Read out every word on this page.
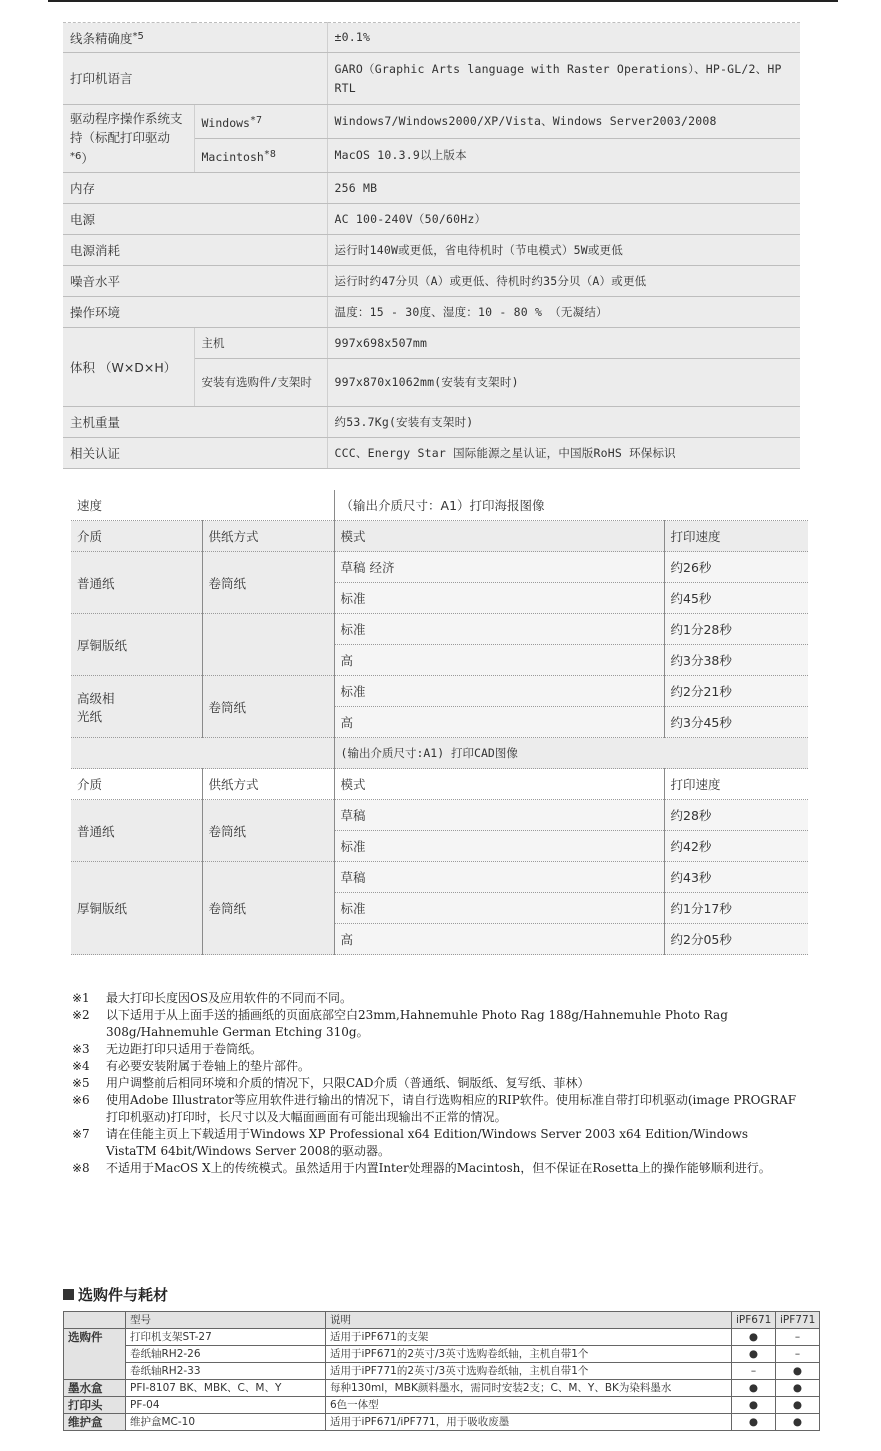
线条精确度$^{*5}$		±0.1%
打印机语言		GARO（Graphic Arts language with Raster Operations）、HP-GL/2、HP RTL
驱动程序操作系统支持（标配打印驱动$^{*6}$）	Windows$^{*7}$	Windows7/Windows2000/XP/Vista、Windows Server2003/2008
	Macintosh$^{*8}$	MacOS 10.3.9以上版本
内存		256 MB
电源		AC 100-240V（50/60Hz）
电源消耗		运行时140W或更低，省电待机时（节电模式）5W或更低
噪音水平		运行时约47分贝（A）或更低、待机时约35分贝（A）或更低
操作环境		温度：15 - 30度、湿度：10 - 80 % （无凝结）
体积 （W×D×H）	主机	997x698x507mm
	安装有选购件/支架时	997x870x1062mm(安装有支架时)
主机重量		约53.7Kg(安装有支架时)
相关认证		CCC、Energy Star 国际能源之星认证，中国版RoHS 环保标识
速度		（输出介质尺寸：A1）打印海报图像	
介质	供纸方式	模式	打印速度
普通纸	卷筒纸	草稿 经济	约26秒
		标准	约45秒
厚铜版纸		标准	约1分28秒
		高	约3分38秒

高级相光纸	卷筒纸	标准	约2分21秒
		高	约3分45秒
		(输出介质尺寸:A1) 打印CAD图像	
介质	供纸方式	模式	打印速度
普通纸	卷筒纸	草稿	约28秒
		标准	约42秒
厚铜版纸	卷筒纸	草稿	约43秒
		标准	约1分17秒
		高	约2分05秒
※1 最大打印长度因OS及应用软件的不同而不同。
※2 以下适用于从上面手送的插画纸的页面底部空白23mm,Hahnemuhle Photo Rag 188g/Hahnemuhle Photo Rag 308g/Hahnemuhle German Etching 310g。
※3 无边距打印只适用于卷筒纸。
※4 有必要安装附属于卷轴上的垫片部件。
※5 用户调整前后相同环境和介质的情况下，只限CAD介质（普通纸、铜版纸、复写纸、菲林）
※6 使用Adobe Illustrator等应用软件进行输出的情况下，请自行选购相应的RIP软件。使用标准自带打印机驱动(image PROGRAF打印机驱动)打印时，长尺寸以及大幅面画面有可能出现输出不正常的情况。
※7 请在佳能主页上下载适用于Windows XP Professional x64 Edition/Windows Server 2003 x64 Edition/Windows VistaTM 64bit/Windows Server 2008的驱动器。
※8 不适用于MacOS X上的传统模式。虽然适用于内置Inter处理器的Macintosh，但不保证在Rosetta上的操作能够顺利进行。
选购件与耗材
	型号	说明	iPF671	iPF771
选购件	打印机支架ST-27	适用于iPF671的支架	●	–
	卷纸轴RH2-26	适用于iPF671的2英寸/3英寸选购卷纸轴，主机自带1个	●	–
	卷纸轴RH2-33	适用于iPF771的2英寸/3英寸选购卷纸轴，主机自带1个	–	●
墨水盒	PFI-8107 BK、MBK、C、M、Y	每种130ml，MBK颜料墨水，需同时安装2支；C、M、Y、BK为染料墨水	●	●
打印头	PF-04	6色一体型	●	●
维护盒	维护盒MC-10	适用于iPF671/iPF771，用于吸收废墨	●	●
